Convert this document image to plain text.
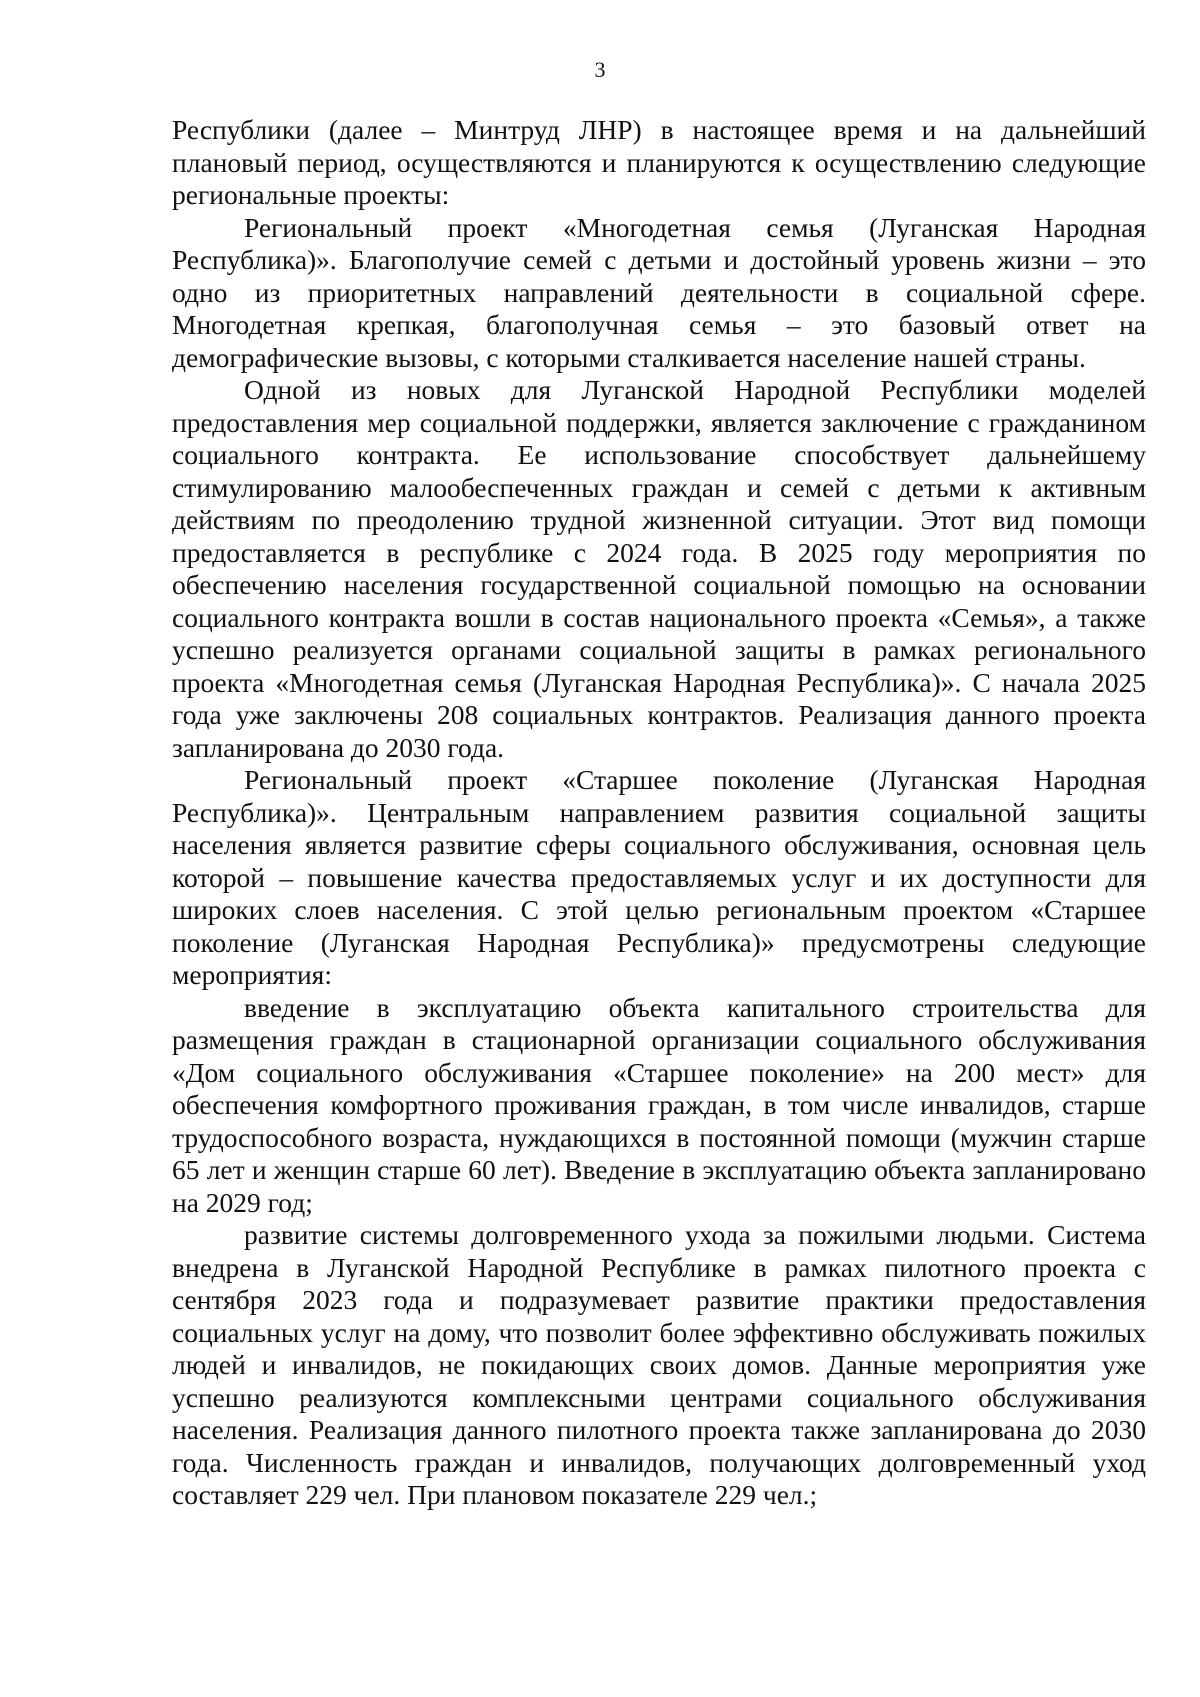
3

Республики (далее – Минтруд ЛНР) в настоящее время и на дальнейший плановый период, осуществляются и планируются к осуществлению следующие региональные проекты:

Региональный проект «Многодетная семья (Луганская Народная Республика)». Благополучие семей с детьми и достойный уровень жизни – это одно из приоритетных направлений деятельности в социальной сфере. Многодетная крепкая, благополучная семья – это базовый ответ на демографические вызовы, с которыми сталкивается население нашей страны.

Одной из новых для Луганской Народной Республики моделей предоставления мер социальной поддержки, является заключение с гражданином социального контракта. Ее использование способствует дальнейшему стимулированию малообеспеченных граждан и семей с детьми к активным действиям по преодолению трудной жизненной ситуации. Этот вид помощи предоставляется в республике с 2024 года. В 2025 году мероприятия по обеспечению населения государственной социальной помощью на основании социального контракта вошли в состав национального проекта «Семья», а также успешно реализуется органами социальной защиты в рамках регионального проекта «Многодетная семья (Луганская Народная Республика)». С начала 2025 года уже заключены 208 социальных контрактов. Реализация данного проекта запланирована до 2030 года.

Региональный проект «Старшее поколение (Луганская Народная Республика)». Центральным направлением развития социальной защиты населения является развитие сферы социального обслуживания, основная цель которой – повышение качества предоставляемых услуг и их доступности для широких слоев населения. С этой целью региональным проектом «Старшее поколение (Луганская Народная Республика)» предусмотрены следующие мероприятия:

введение в эксплуатацию объекта капитального строительства для размещения граждан в стационарной организации социального обслуживания «Дом социального обслуживания «Старшее поколение» на 200 мест» для обеспечения комфортного проживания граждан, в том числе инвалидов, старше трудоспособного возраста, нуждающихся в постоянной помощи (мужчин старше 65 лет и женщин старше 60 лет). Введение в эксплуатацию объекта запланировано на 2029 год;

развитие системы долговременного ухода за пожилыми людьми. Система внедрена в Луганской Народной Республике в рамках пилотного проекта с сентября 2023 года и подразумевает развитие практики предоставления социальных услуг на дому, что позволит более эффективно обслуживать пожилых людей и инвалидов, не покидающих своих домов. Данные мероприятия уже успешно реализуются комплексными центрами социального обслуживания населения. Реализация данного пилотного проекта также запланирована до 2030 года. Численность граждан и инвалидов, получающих долговременный уход составляет 229 чел. При плановом показателе 229 чел.;
